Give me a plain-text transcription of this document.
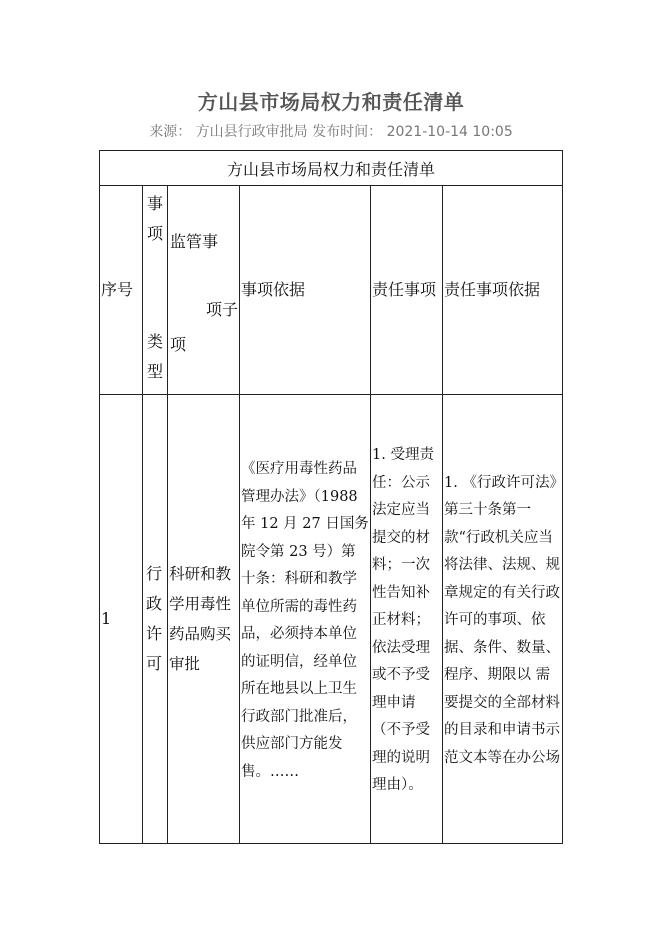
方山县市场局权力和责任清单
来源： 方山县行政审批局 发布时间： 2021-10-14 10:05
方山县市场局权力和责任清单					
序号	事
项
类
型	监管事
项子
项	事项依据	责任事项	责任事项依据
1	行
政
许
可	科研和教学用毒性药品购买审批	《医疗用毒性药品管理办法》（1988 年 12 月 27 日国务院令第 23 号）第十条：科研和教学单位所需的毒性药品，必须持本单位的证明信，经单位所在地县以上卫生行政部门批准后，供应部门方能发售。……	1. 受理责任：公示法定应当提交的材料；一次性告知补正材料；依法受理或不予受理申请（不予受理的说明理由）。	1. 《行政许可法》第三十条第一款“行政机关应当将法律、法规、规章规定的有关行政许可的事项、依据、条件、数量、程序、期限以 需要提交的全部材料的目录和申请书示范文本等在办公场
